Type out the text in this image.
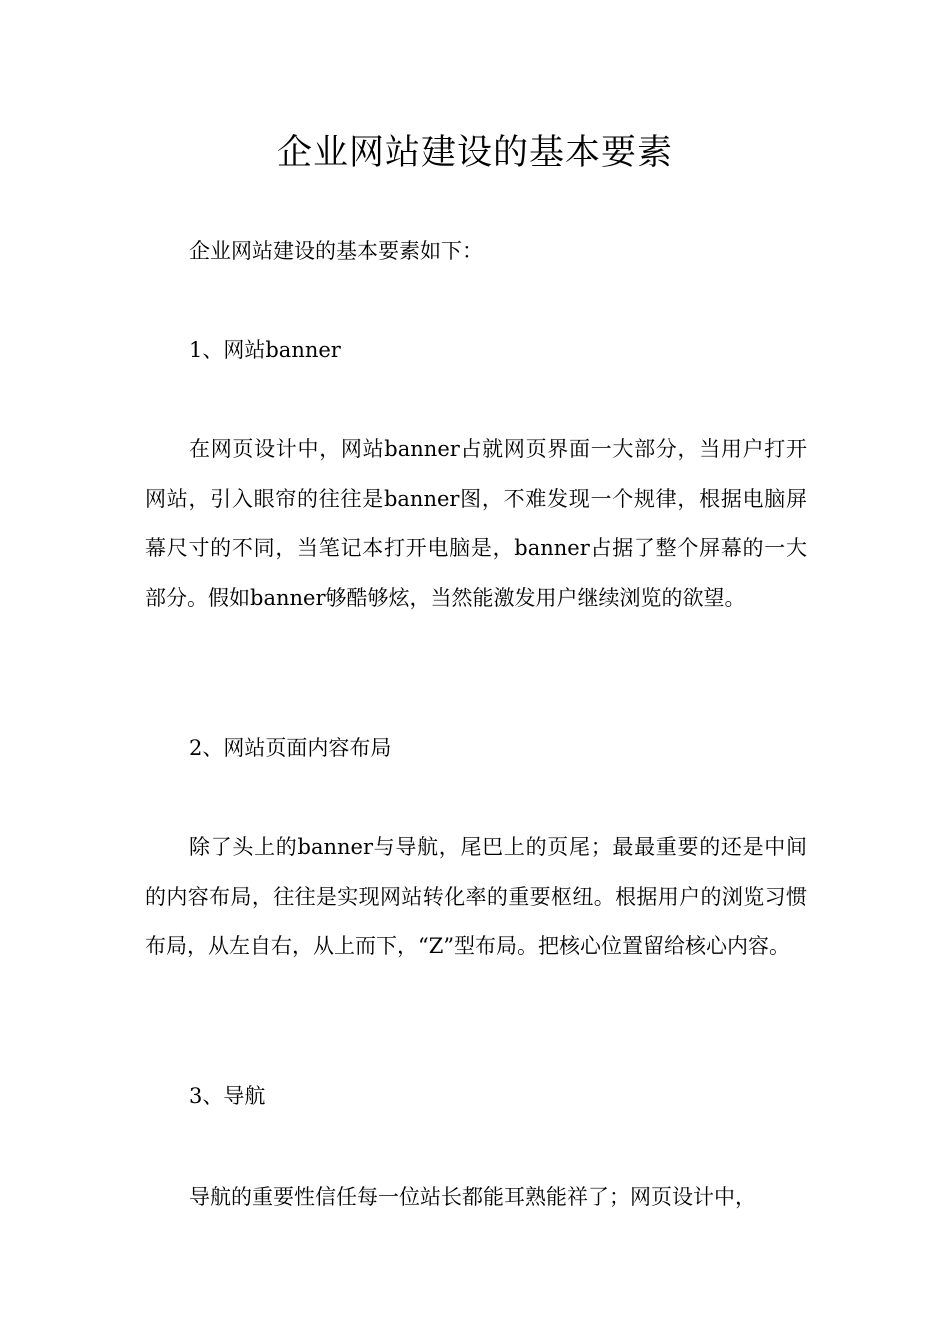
企业网站建设的基本要素

企业网站建设的基本要素如下：

1、网站banner

在网页设计中，网站banner占就网页界面一大部分，当用户打开网站，引入眼帘的往往是banner图，不难发现一个规律，根据电脑屏幕尺寸的不同，当笔记本打开电脑是，banner占据了整个屏幕的一大部分。假如banner够酷够炫，当然能激发用户继续浏览的欲望。

2、网站页面内容布局

除了头上的banner与导航，尾巴上的页尾；最最重要的还是中间的内容布局，往往是实现网站转化率的重要枢纽。根据用户的浏览习惯布局，从左自右，从上而下，“Z”型布局。把核心位置留给核心内容。

3、导航

导航的重要性信任每一位站长都能耳熟能祥了；网页设计中，
